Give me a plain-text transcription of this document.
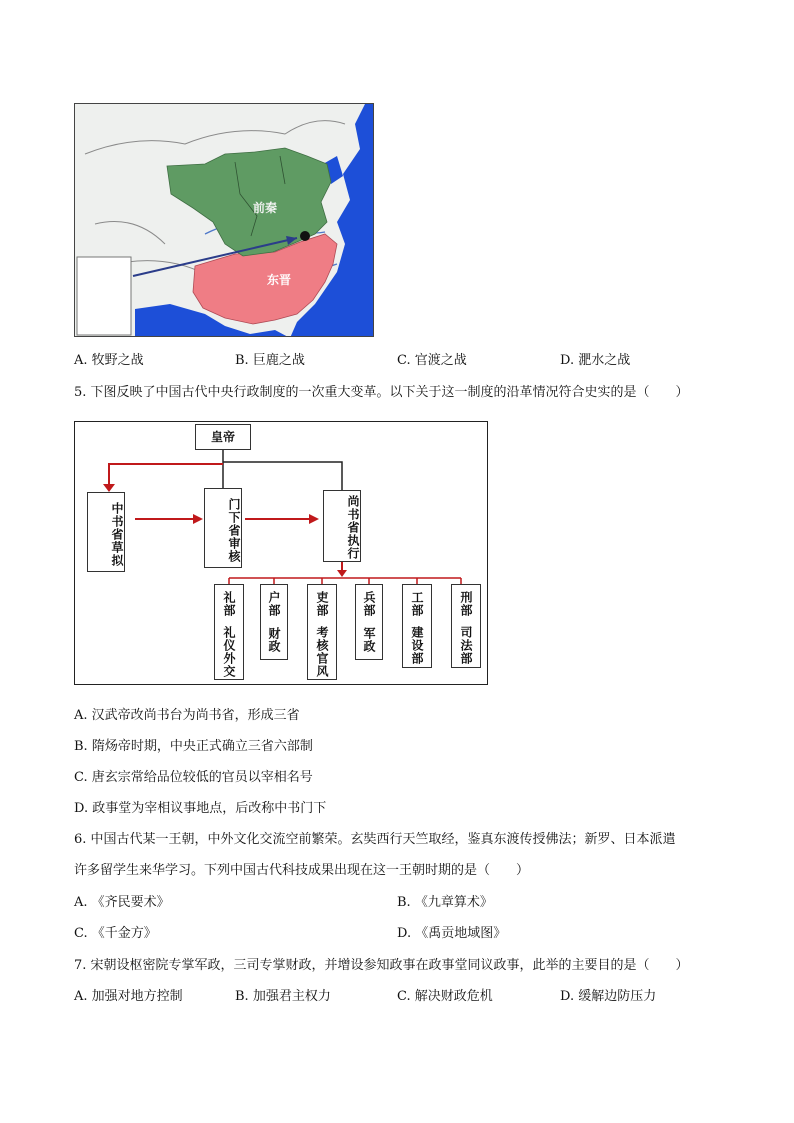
前秦
东晋
A. 牧野之战	B. 巨鹿之战	C. 官渡之战	D. 淝水之战
5. 下图反映了中国古代中央行政制度的一次重大变革。以下关于这一制度的沿革情况符合史实的是（　　）
皇帝
中书省草拟	门下省审核	尚书省执行
礼部
礼仪外交
户部
财政
吏部
考核官风
兵部
军政
工部
建设部
刑部
司法部
A. 汉武帝改尚书台为尚书省，形成三省
B. 隋炀帝时期，中央正式确立三省六部制
C. 唐玄宗常给品位较低的官员以宰相名号
D. 政事堂为宰相议事地点，后改称中书门下
6. 中国古代某一王朝，中外文化交流空前繁荣。玄奘西行天竺取经，鉴真东渡传授佛法；新罗、日本派遣
许多留学生来华学习。下列中国古代科技成果出现在这一王朝时期的是（　　）
A. 《齐民要术》	B. 《九章算术》
C. 《千金方》	D. 《禹贡地域图》
7. 宋朝设枢密院专掌军政，三司专掌财政，并增设参知政事在政事堂同议政事，此举的主要目的是（　　）
A. 加强对地方控制	B. 加强君主权力	C. 解决财政危机	D. 缓解边防压力
